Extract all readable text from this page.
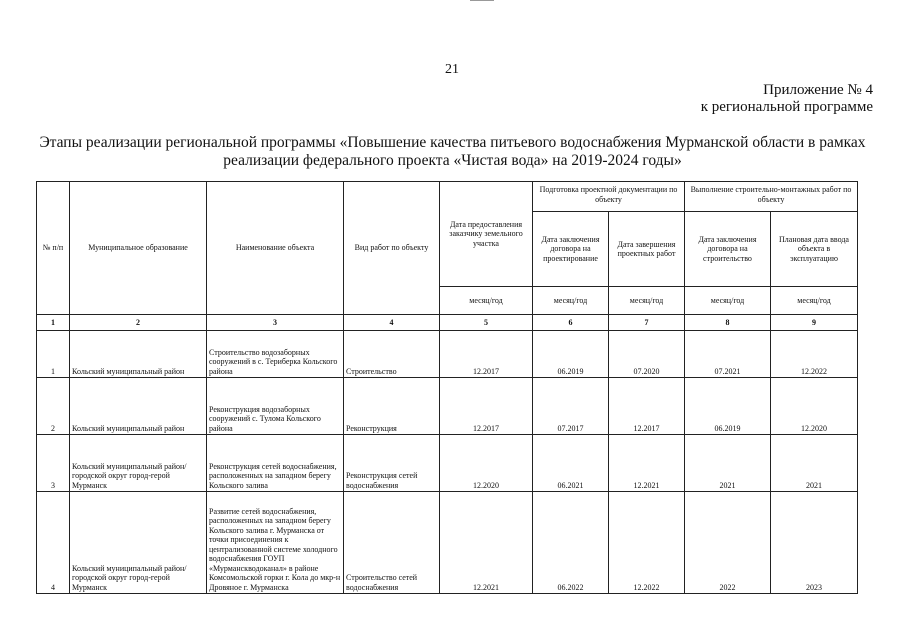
21
Приложение № 4
к региональной программе
Этапы реализации региональной программы «Повышение качества питьевого водоснабжения Мурманской области в рамках
реализации федерального проекта «Чистая вода» на 2019-2024 годы»
№ п/п	Муниципальное образование	Наименование объекта	Вид работ по объекту	Дата предоставления заказчику земельного участка	Подготовка проектной документации по объекту		Выполнение строительно-монтажных работ по объекту	
					Дата заключения договора на проектирование	Дата завершения проектных работ	Дата заключения договора на строительство	Плановая дата ввода объекта в эксплуатацию
				месяц/год	месяц/год	месяц/год	месяц/год	месяц/год
1	2	3	4	5	6	7	8	9
1	Кольский муниципальный район	Строительство водозаборных сооружений в с. Териберка Кольского района	Строительство	12.2017	06.2019	07.2020	07.2021	12.2022
2	Кольский муниципальный район	Реконструкция водозаборных сооружений с. Тулома Кольского района	Реконструкция	12.2017	07.2017	12.2017	06.2019	12.2020
3	Кольский муниципальный район/городской округ город-герой Мурманск	Реконструкция сетей водоснабжения, расположенных на западном берегу Кольского залива	Реконструкция сетей водоснабжения	12.2020	06.2021	12.2021	2021	2021
4	Кольский муниципальный район/городской округ город-герой Мурманск	Развитие сетей водоснабжения, расположенных на западном берегу Кольского залива г. Мурманска от точки присоединения к централизованной системе холодного водоснабжения ГОУП «Мурманскводоканал» в районе Комсомольской горки г. Кола до мкр-н Дровяное г. Мурманска	Строительство сетей водоснабжения	12.2021	06.2022	12.2022	2022	2023
